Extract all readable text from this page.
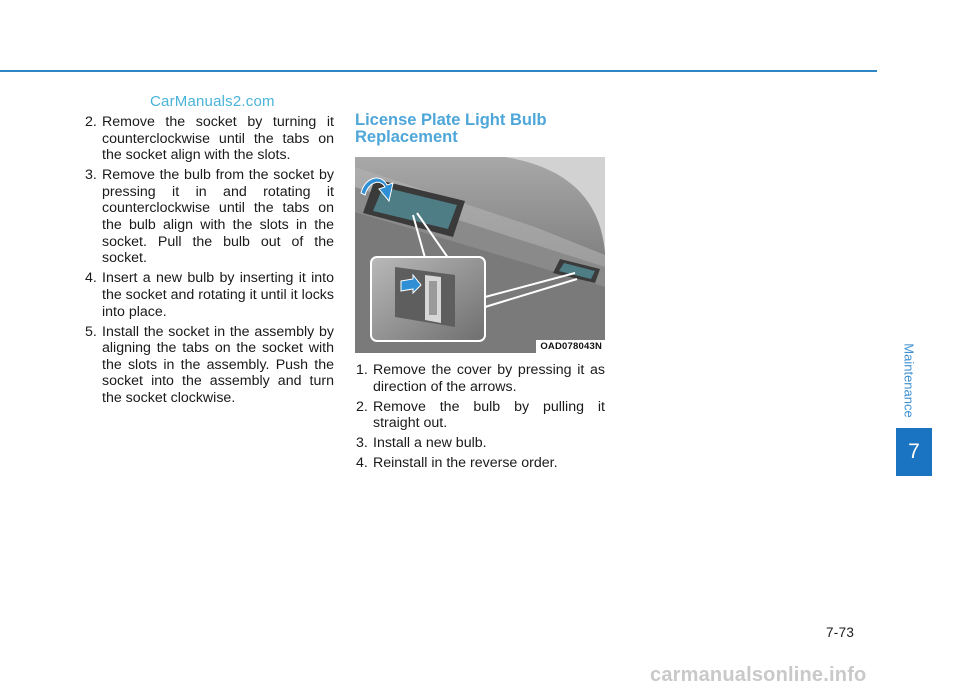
CarManuals2.com
2. Remove the socket by turning it counterclockwise until the tabs on the socket align with the slots.
3. Remove the bulb from the socket by pressing it in and rotating it counterclockwise until the tabs on the bulb align with the slots in the socket. Pull the bulb out of the socket.
4. Insert a new bulb by inserting it into the socket and rotating it until it locks into place.
5. Install the socket in the assembly by aligning the tabs on the socket with the slots in the assembly. Push the socket into the assembly and turn the socket clockwise.
License Plate Light Bulb Replacement
OAD078043N
1. Remove the cover by pressing it as direction of the arrows.
2. Remove the bulb by pulling it straight out.
3. Install a new bulb.
4. Reinstall in the reverse order.
Maintenance
7
7-73
carmanualsonline.info
